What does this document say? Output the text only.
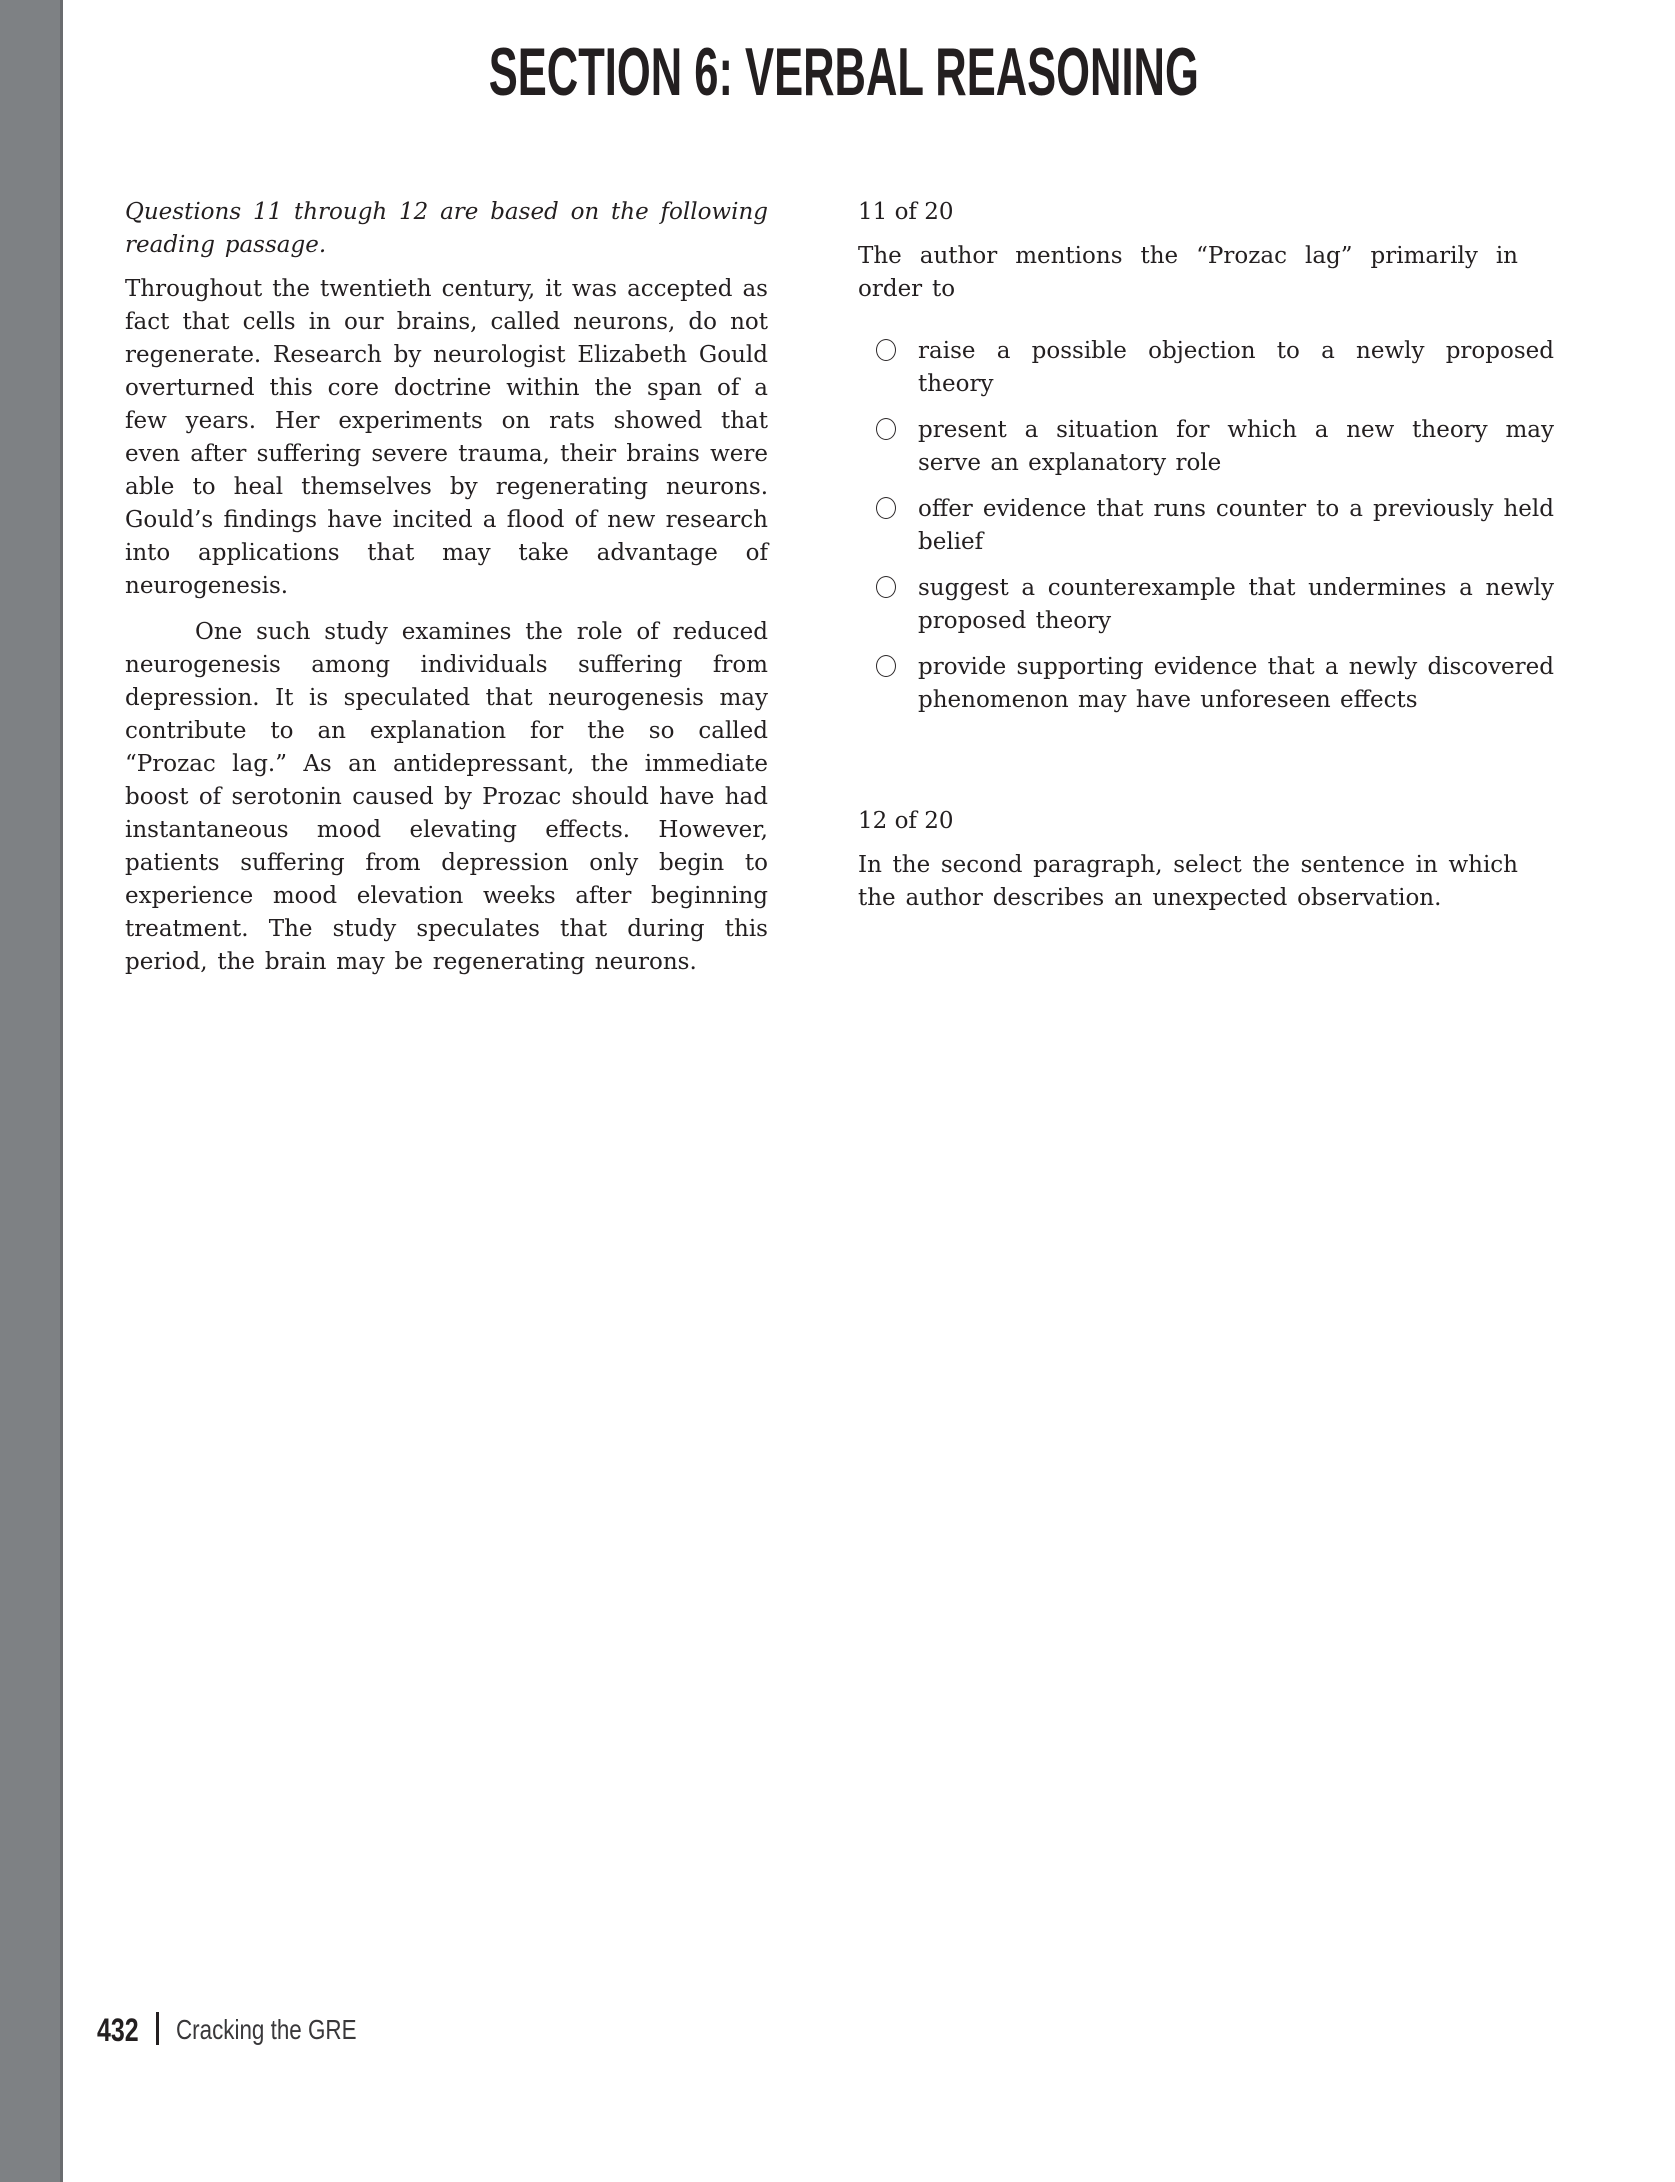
SECTION 6: VERBAL REASONING

Questions 11 through 12 are based on the following reading passage.

Throughout the twentieth century, it was accepted as fact that cells in our brains, called neurons, do not regenerate. Research by neurologist Elizabeth Gould overturned this core doctrine within the span of a few years. Her experiments on rats showed that even after suffering severe trauma, their brains were able to heal themselves by regenerating neurons. Gould’s findings have incited a flood of new research into applications that may take advantage of neurogenesis.

One such study examines the role of reduced neurogenesis among individuals suffering from depression. It is speculated that neurogenesis may contribute to an explanation for the so called “Prozac lag.” As an antidepressant, the immediate boost of serotonin caused by Prozac should have had instantaneous mood elevating effects. However, patients suffering from depression only begin to experience mood elevation weeks after beginning treatment. The study speculates that during this period, the brain may be regenerating neurons.

11 of 20

The author mentions the “Prozac lag” primarily in order to

raise a possible objection to a newly proposed theory
present a situation for which a new theory may serve an explanatory role
offer evidence that runs counter to a previously held belief
suggest a counterexample that undermines a newly proposed theory
provide supporting evidence that a newly discovered phenomenon may have unforeseen effects

12 of 20

In the second paragraph, select the sentence in which the author describes an unexpected observation.

432 Cracking the GRE
